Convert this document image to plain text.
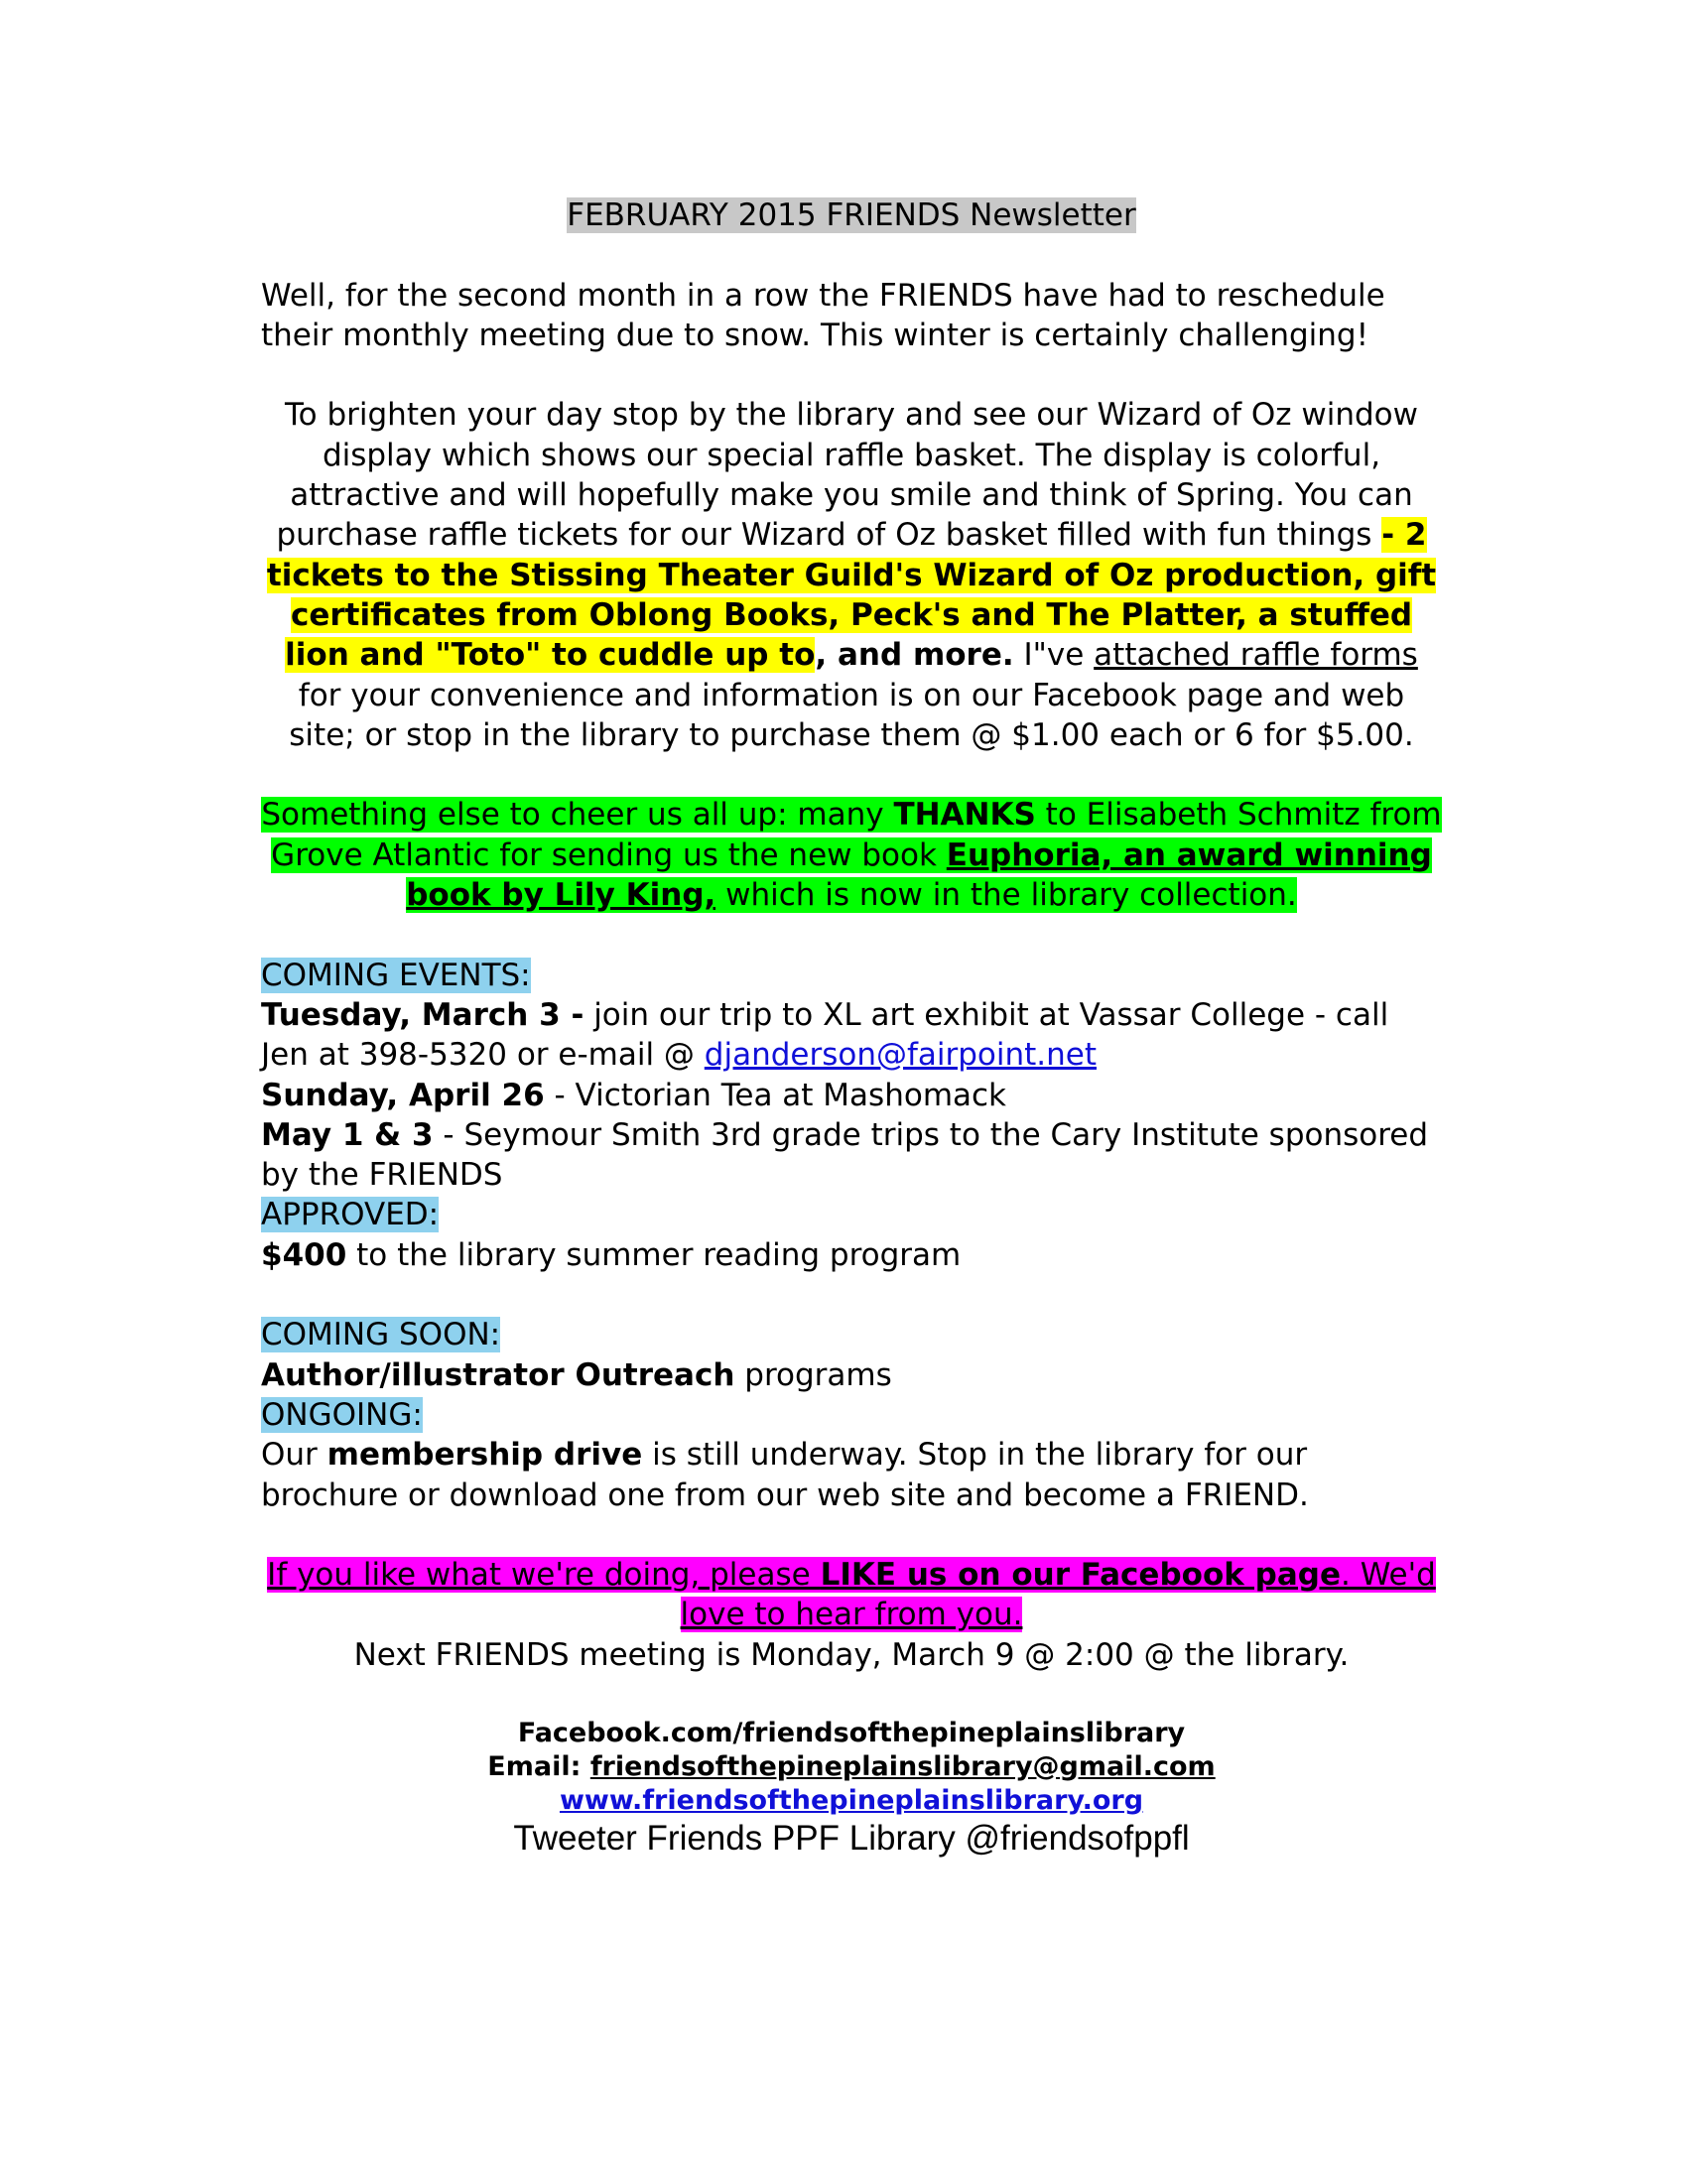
FEBRUARY 2015 FRIENDS Newsletter

Well, for the second month in a row the FRIENDS have had to reschedule their monthly meeting due to snow. This winter is certainly challenging!

To brighten your day stop by the library and see our Wizard of Oz window display which shows our special raffle basket. The display is colorful, attractive and will hopefully make you smile and think of Spring. You can purchase raffle tickets for our Wizard of Oz basket filled with fun things - 2 tickets to the Stissing Theater Guild's Wizard of Oz production, gift certificates from Oblong Books, Peck's and The Platter, a stuffed lion and "Toto" to cuddle up to, and more. I"ve attached raffle forms for your convenience and information is on our Facebook page and web site; or stop in the library to purchase them @ $1.00 each or 6 for $5.00.

Something else to cheer us all up: many THANKS to Elisabeth Schmitz from Grove Atlantic for sending us the new book Euphoria, an award winning book by Lily King, which is now in the library collection.

COMING EVENTS:

Tuesday, March 3 - join our trip to XL art exhibit at Vassar College - call Jen at 398-5320 or e-mail @ djanderson@fairpoint.net

Sunday, April 26 - Victorian Tea at Mashomack

May 1 & 3 - Seymour Smith 3rd grade trips to the Cary Institute sponsored by the FRIENDS

APPROVED:

$400 to the library summer reading program

COMING SOON:

Author/illustrator Outreach programs

ONGOING:

Our membership drive is still underway. Stop in the library for our brochure or download one from our web site and become a FRIEND.

If you like what we're doing, please LIKE us on our Facebook page. We'd love to hear from you.

Next FRIENDS meeting is Monday, March 9 @ 2:00 @ the library.

Facebook.com/friendsofthepineplainslibrary

Email: friendsofthepineplainslibrary@gmail.com

www.friendsofthepineplainslibrary.org

Tweeter Friends PPF Library @friendsofppfl
